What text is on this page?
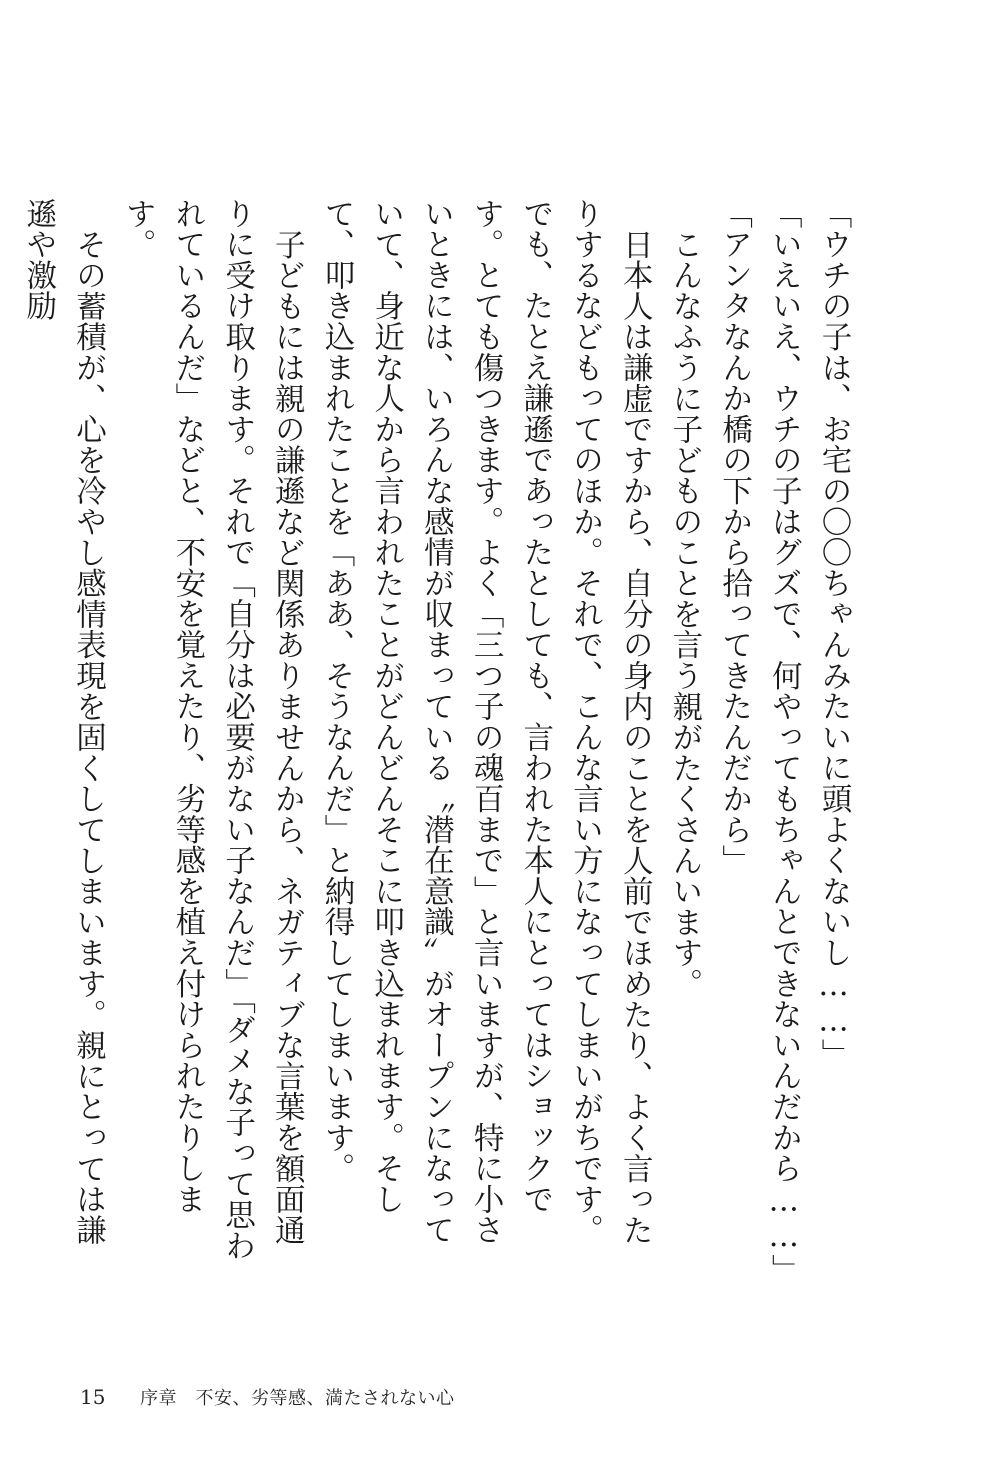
「ウチの子は、お宅の〇〇ちゃんみたいに頭よくないし……」

「いえいえ、ウチの子はグズで、何やってもちゃんとできないんだから……」

「アンタなんか橋の下から拾ってきたんだから」

こんなふうに子どものことを言う親がたくさんいます。

日本人は謙虚ですから、自分の身内のことを人前でほめたり、よく言ったりするなどもってのほか。それで、こんな言い方になってしまいがちです。

でも、たとえ謙遜であったとしても、言われた本人にとってはショックです。とても傷つきます。よく「三つ子の魂百まで」と言いますが、特に小さいときには、いろんな感情が収まっている〝潜在意識〟がオープンになっていて、身近な人から言われたことがどんどんそこに叩き込まれます。そして、叩き込まれたことを「ああ、そうなんだ」と納得してしまいます。

子どもには親の謙遜など関係ありませんから、ネガティブな言葉を額面通りに受け取ります。それで「自分は必要がない子なんだ」「ダメな子って思われているんだ」などと、不安を覚えたり、劣等感を植え付けられたりします。

その蓄積が、心を冷やし感情表現を固くしてしまいます。親にとっては謙遜や激励

15	序章　不安、劣等感、満たされない心
